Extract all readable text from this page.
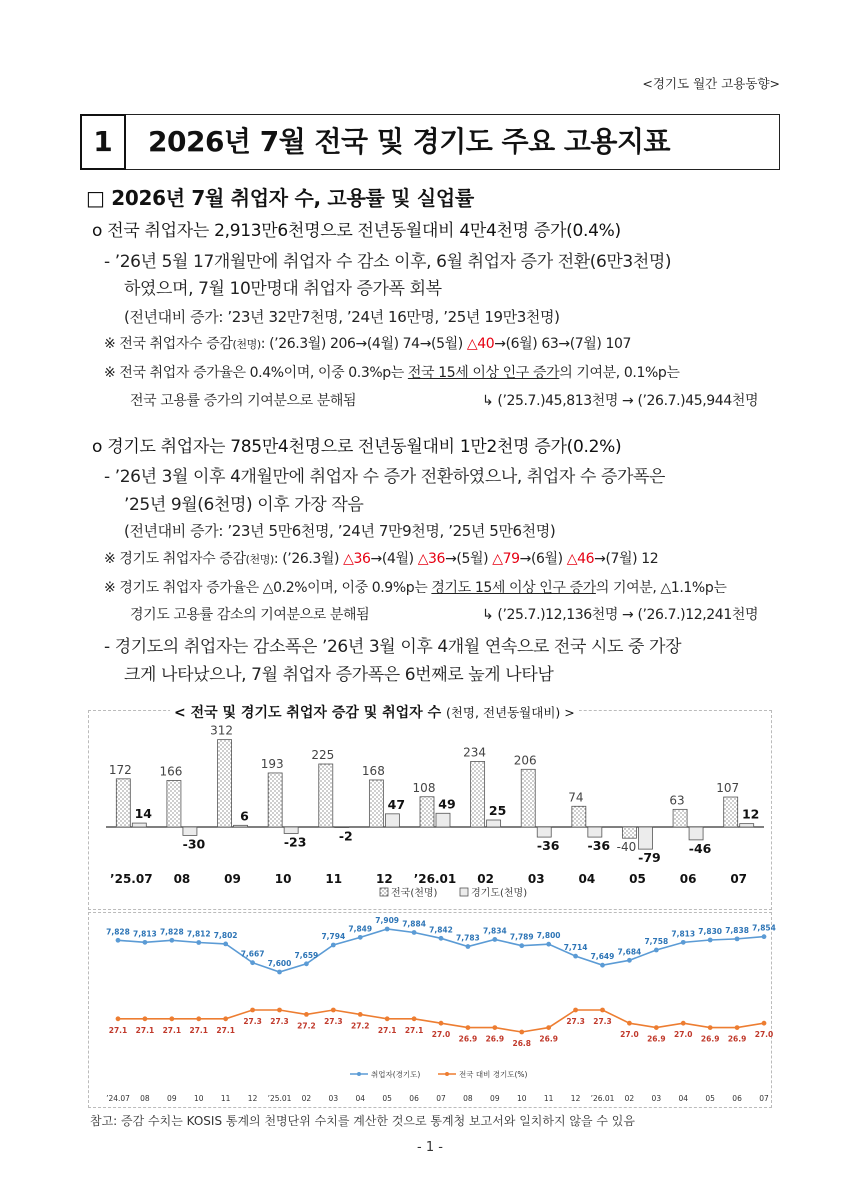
<경기도 월간 고용동향>
1	2026년 7월 전국 및 경기도 주요 고용지표
□ 2026년 7월 취업자 수, 고용률 및 실업률
o 전국 취업자는 2,913만6천명으로 전년동월대비 4만4천명 증가(0.4%)
- ’26년 5월 17개월만에 취업자 수 감소 이후, 6월 취업자 증가 전환(6만3천명)
하였으며, 7월 10만명대 취업자 증가폭 회복
(전년대비 증가: ’23년 32만7천명, ’24년 16만명, ’25년 19만3천명)
※ 전국 취업자수 증감(천명): (’26.3월) 206→(4월) 74→(5월) △40→(6월) 63→(7월) 107
※ 전국 취업자 증가율은 0.4%이며, 이중 0.3%p는 전국 15세 이상 인구 증가의 기여분, 0.1%p는
전국 고용률 증가의 기여분으로 분해됨	↳ (’25.7.)45,813천명 → (’26.7.)45,944천명
o 경기도 취업자는 785만4천명으로 전년동월대비 1만2천명 증가(0.2%)
- ’26년 3월 이후 4개월만에 취업자 수 증가 전환하였으나, 취업자 수 증가폭은
’25년 9월(6천명) 이후 가장 작음
(전년대비 증가: ’23년 5만6천명, ’24년 7만9천명, ’25년 5만6천명)
※ 경기도 취업자수 증감(천명): (’26.3월) △36→(4월) △36→(5월) △79→(6월) △46→(7월) 12
※ 경기도 취업자 증가율은 △0.2%이며, 이중 0.9%p는 경기도 15세 이상 인구 증가의 기여분, △1.1%p는
경기도 고용률 감소의 기여분으로 분해됨	↳ (’25.7.)12,136천명 → (’26.7.)12,241천명
- 경기도의 취업자는 감소폭은 ’26년 3월 이후 4개월 연속으로 전국 시도 중 가장
크게 나타났으나, 7월 취업자 증가폭은 6번째로 높게 나타남
< 전국 및 경기도 취업자 증감 및 취업자 수 (천명, 전년동월대비) >
’25.07
172
14
08
166
-30
09
312
6
10
193
-23
11
225
-2
12
168
47
’26.01
108
49
02
234
25
03
206
-36
04
74
-36
05
-40
-79
06
63
-46
07
107
12
전국(천명)	경기도(천명)
7,828 7,813 7,828 7,812 7,802
7,667
7,600
7,659
7,794
7,849
7,909 7,884
7,842
7,783
7,834
7,789 7,800
7,714
7,649
7,684
7,758
7,813 7,830 7,838 7,854
27.1 27.1 27.1 27.1 27.1
27.3 27.3 27.2 27.3 27.2 27.1 27.1 27.0 26.9 26.9 26.8 26.9
27.3 27.3
27.0 26.9 27.0 26.9 26.9 27.0
취업자(경기도)	전국 대비 경기도(%)
’24.07 08 09 10 11 12 ’25.01 02 03 04 05 06 07 08 09 10 11 12 ’26.01 02 03 04 05 06 07
참고: 증감 수치는 KOSIS 통계의 천명단위 수치를 계산한 것으로 통계청 보고서와 일치하지 않을 수 있음
- 1 -
